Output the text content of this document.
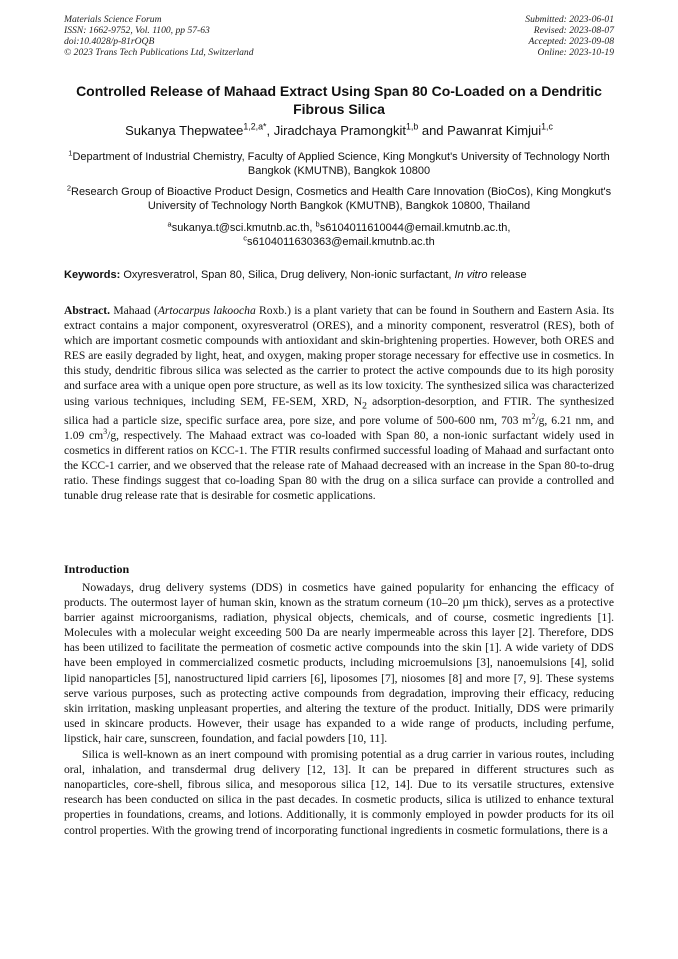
Materials Science Forum
ISSN: 1662-9752, Vol. 1100, pp 57-63
doi:10.4028/p-81rOQB
© 2023 Trans Tech Publications Ltd, Switzerland
Submitted: 2023-06-01
Revised: 2023-08-07
Accepted: 2023-09-08
Online: 2023-10-19
Controlled Release of Mahaad Extract Using Span 80 Co-Loaded on a Dendritic Fibrous Silica
Sukanya Thepwatee$^{1,2,a*}$, Jiradchaya Pramongkit$^{1,b}$ and Pawanrat Kimjui$^{1,c}$
$^1$Department of Industrial Chemistry, Faculty of Applied Science, King Mongkut's University of Technology North Bangkok (KMUTNB), Bangkok 10800
$^2$Research Group of Bioactive Product Design, Cosmetics and Health Care Innovation (BioCos), King Mongkut's University of Technology North Bangkok (KMUTNB), Bangkok 10800, Thailand
$^a$sukanya.t@sci.kmutnb.ac.th, $^b$s6104011610044@email.kmutnb.ac.th,
$^c$s6104011630363@email.kmutnb.ac.th
Keywords: Oxyresveratrol, Span 80, Silica, Drug delivery, Non-ionic surfactant, In vitro release
Abstract. Mahaad (Artocarpus lakoocha Roxb.) is a plant variety that can be found in Southern and Eastern Asia. Its extract contains a major component, oxyresveratrol (ORES), and a minority component, resveratrol (RES), both of which are important cosmetic compounds with antioxidant and skin-brightening properties. However, both ORES and RES are easily degraded by light, heat, and oxygen, making proper storage necessary for effective use in cosmetics. In this study, dendritic fibrous silica was selected as the carrier to protect the active compounds due to its high porosity and surface area with a unique open pore structure, as well as its low toxicity. The synthesized silica was characterized using various techniques, including SEM, FE-SEM, XRD, $N_2$ adsorption-desorption, and FTIR. The synthesized silica had a particle size, specific surface area, pore size, and pore volume of 500-600 nm, 703 $m^2/g$, 6.21 nm, and 1.09 $cm^3/g$, respectively. The Mahaad extract was co-loaded with Span 80, a non-ionic surfactant widely used in cosmetics in different ratios on KCC-1. The FTIR results confirmed successful loading of Mahaad and surfactant onto the KCC-1 carrier, and we observed that the release rate of Mahaad decreased with an increase in the Span 80-to-drug ratio. These findings suggest that co-loading Span 80 with the drug on a silica surface can provide a controlled and tunable drug release rate that is desirable for cosmetic applications.
Introduction

Nowadays, drug delivery systems (DDS) in cosmetics have gained popularity for enhancing the efficacy of products. The outermost layer of human skin, known as the stratum corneum (10–20 µm thick), serves as a protective barrier against microorganisms, radiation, physical objects, chemicals, and of course, cosmetic ingredients [1]. Molecules with a molecular weight exceeding 500 Da are nearly impermeable across this layer [2]. Therefore, DDS has been utilized to facilitate the permeation of cosmetic active compounds into the skin [1]. A wide variety of DDS have been employed in commercialized cosmetic products, including microemulsions [3], nanoemulsions [4], solid lipid nanoparticles [5], nanostructured lipid carriers [6], liposomes [7], niosomes [8] and more [7, 9]. These systems serve various purposes, such as protecting active compounds from degradation, improving their efficacy, reducing skin irritation, masking unpleasant properties, and altering the texture of the product. Initially, DDS were primarily used in skincare products. However, their usage has expanded to a wide range of products, including perfume, lipstick, hair care, sunscreen, foundation, and facial powders [10, 11].

Silica is well-known as an inert compound with promising potential as a drug carrier in various routes, including oral, inhalation, and transdermal drug delivery [12, 13]. It can be prepared in different structures such as nanoparticles, core-shell, fibrous silica, and mesoporous silica [12, 14]. Due to its versatile structures, extensive research has been conducted on silica in the past decades. In cosmetic products, silica is utilized to enhance textural properties in foundations, creams, and lotions. Additionally, it is commonly employed in powder products for its oil control properties. With the growing trend of incorporating functional ingredients in cosmetic formulations, there is a
